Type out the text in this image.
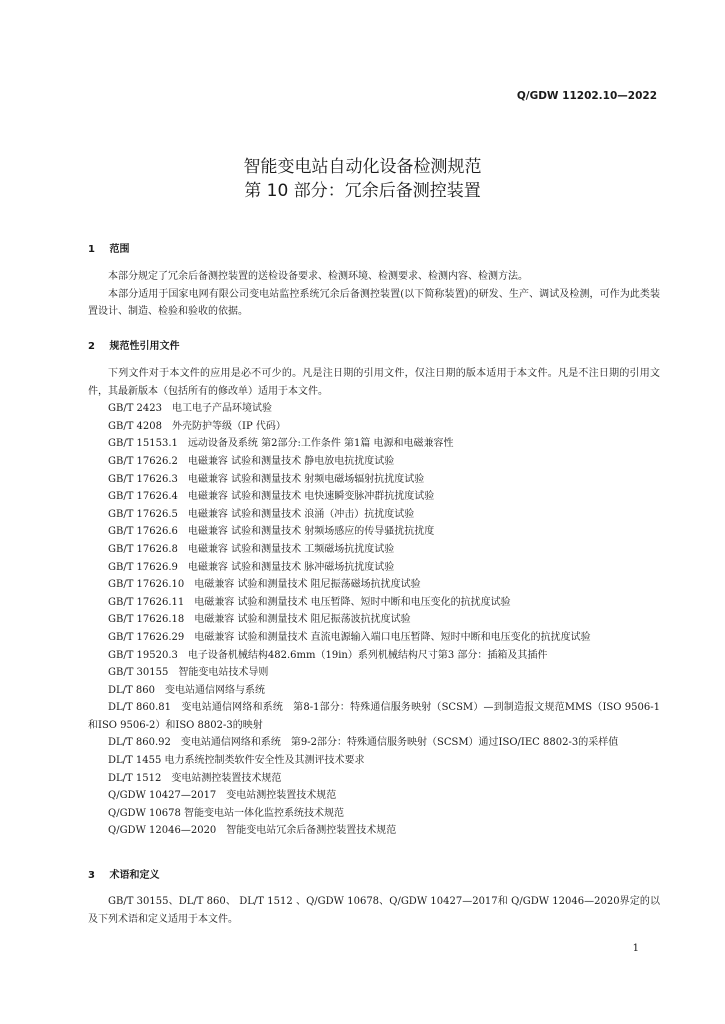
Q/GDW 11202.10—2022
智能变电站自动化设备检测规范
第 10 部分：冗余后备测控装置
1 范围
本部分规定了冗余后备测控装置的送检设备要求、检测环境、检测要求、检测内容、检测方法。
本部分适用于国家电网有限公司变电站监控系统冗余后备测控装置(以下简称装置)的研发、生产、调试及检测，可作为此类装置设计、制造、检验和验收的依据。
2 规范性引用文件
下列文件对于本文件的应用是必不可少的。凡是注日期的引用文件，仅注日期的版本适用于本文件。凡是不注日期的引用文件，其最新版本（包括所有的修改单）适用于本文件。
GB/T 2423　电工电子产品环境试验
GB/T 4208　外壳防护等级（IP 代码）
GB/T 15153.1　远动设备及系统 第2部分:工作条件 第1篇 电源和电磁兼容性
GB/T 17626.2　电磁兼容 试验和测量技术 静电放电抗扰度试验
GB/T 17626.3　电磁兼容 试验和测量技术 射频电磁场辐射抗扰度试验
GB/T 17626.4　电磁兼容 试验和测量技术 电快速瞬变脉冲群抗扰度试验
GB/T 17626.5　电磁兼容 试验和测量技术 浪涌（冲击）抗扰度试验
GB/T 17626.6　电磁兼容 试验和测量技术 射频场感应的传导骚扰抗扰度
GB/T 17626.8　电磁兼容 试验和测量技术 工频磁场抗扰度试验
GB/T 17626.9　电磁兼容 试验和测量技术 脉冲磁场抗扰度试验
GB/T 17626.10　电磁兼容 试验和测量技术 阻尼振荡磁场抗扰度试验
GB/T 17626.11　电磁兼容 试验和测量技术 电压暂降、短时中断和电压变化的抗扰度试验
GB/T 17626.18　电磁兼容 试验和测量技术 阻尼振荡波抗扰度试验
GB/T 17626.29　电磁兼容 试验和测量技术 直流电源输入端口电压暂降、短时中断和电压变化的抗扰度试验
GB/T 19520.3　电子设备机械结构482.6mm（19in）系列机械结构尺寸第3 部分：插箱及其插件
GB/T 30155　智能变电站技术导则
DL/T 860　变电站通信网络与系统
DL/T 860.81　变电站通信网络和系统　第8-1部分：特殊通信服务映射（SCSM）—到制造报文规范MMS（ISO 9506-1和ISO 9506-2）和ISO 8802-3的映射
DL/T 860.92　变电站通信网络和系统　第9-2部分：特殊通信服务映射（SCSM）通过ISO/IEC 8802-3的采样值
DL/T 1455 电力系统控制类软件安全性及其测评技术要求
DL/T 1512　变电站测控装置技术规范
Q/GDW 10427—2017　变电站测控装置技术规范
Q/GDW 10678 智能变电站一体化监控系统技术规范
Q/GDW 12046—2020　智能变电站冗余后备测控装置技术规范
3 术语和定义
GB/T 30155、DL/T 860、 DL/T 1512 、Q/GDW 10678、Q/GDW 10427—2017和 Q/GDW 12046—2020界定的以及下列术语和定义适用于本文件。
1
